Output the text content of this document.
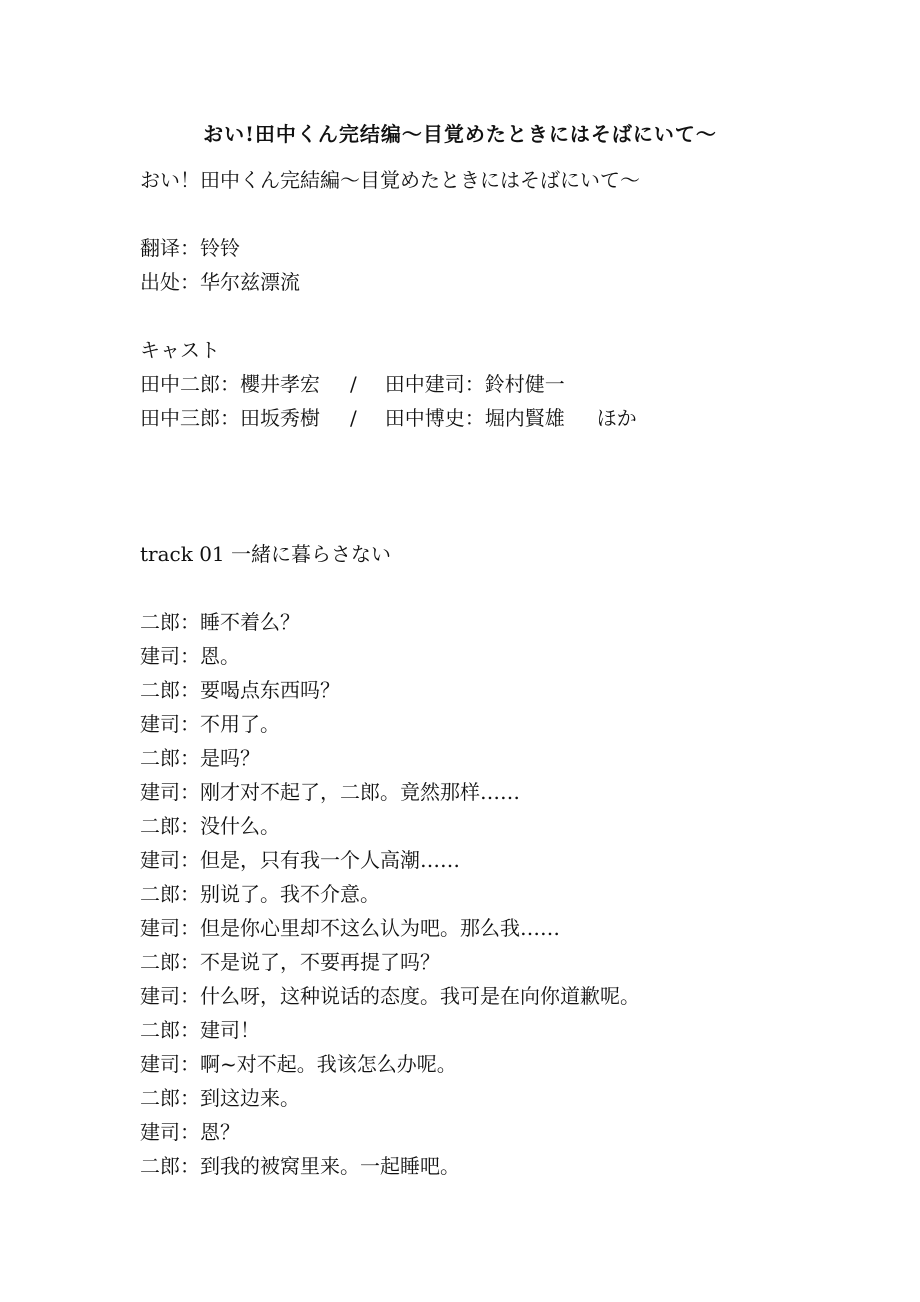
おい!田中くん完结编〜目覚めたときにはそばにいて〜
おい！田中くん完結編〜目覚めたときにはそばにいて〜
翻译：铃铃
出处：华尔兹漂流
キャスト
田中二郎：櫻井孝宏 / 田中建司：鈴村健一
田中三郎：田坂秀樹 / 田中博史：堀内賢雄 ほか
track 01 一緒に暮らさない
二郎：睡不着么？
建司：恩。
二郎：要喝点东西吗？
建司：不用了。
二郎：是吗？
建司：刚才对不起了，二郎。竟然那样……
二郎：没什么。
建司：但是，只有我一个人高潮……
二郎：别说了。我不介意。
建司：但是你心里却不这么认为吧。那么我……
二郎：不是说了，不要再提了吗？
建司：什么呀，这种说话的态度。我可是在向你道歉呢。
二郎：建司！
建司：啊~对不起。我该怎么办呢。
二郎：到这边来。
建司：恩？
二郎：到我的被窝里来。一起睡吧。
